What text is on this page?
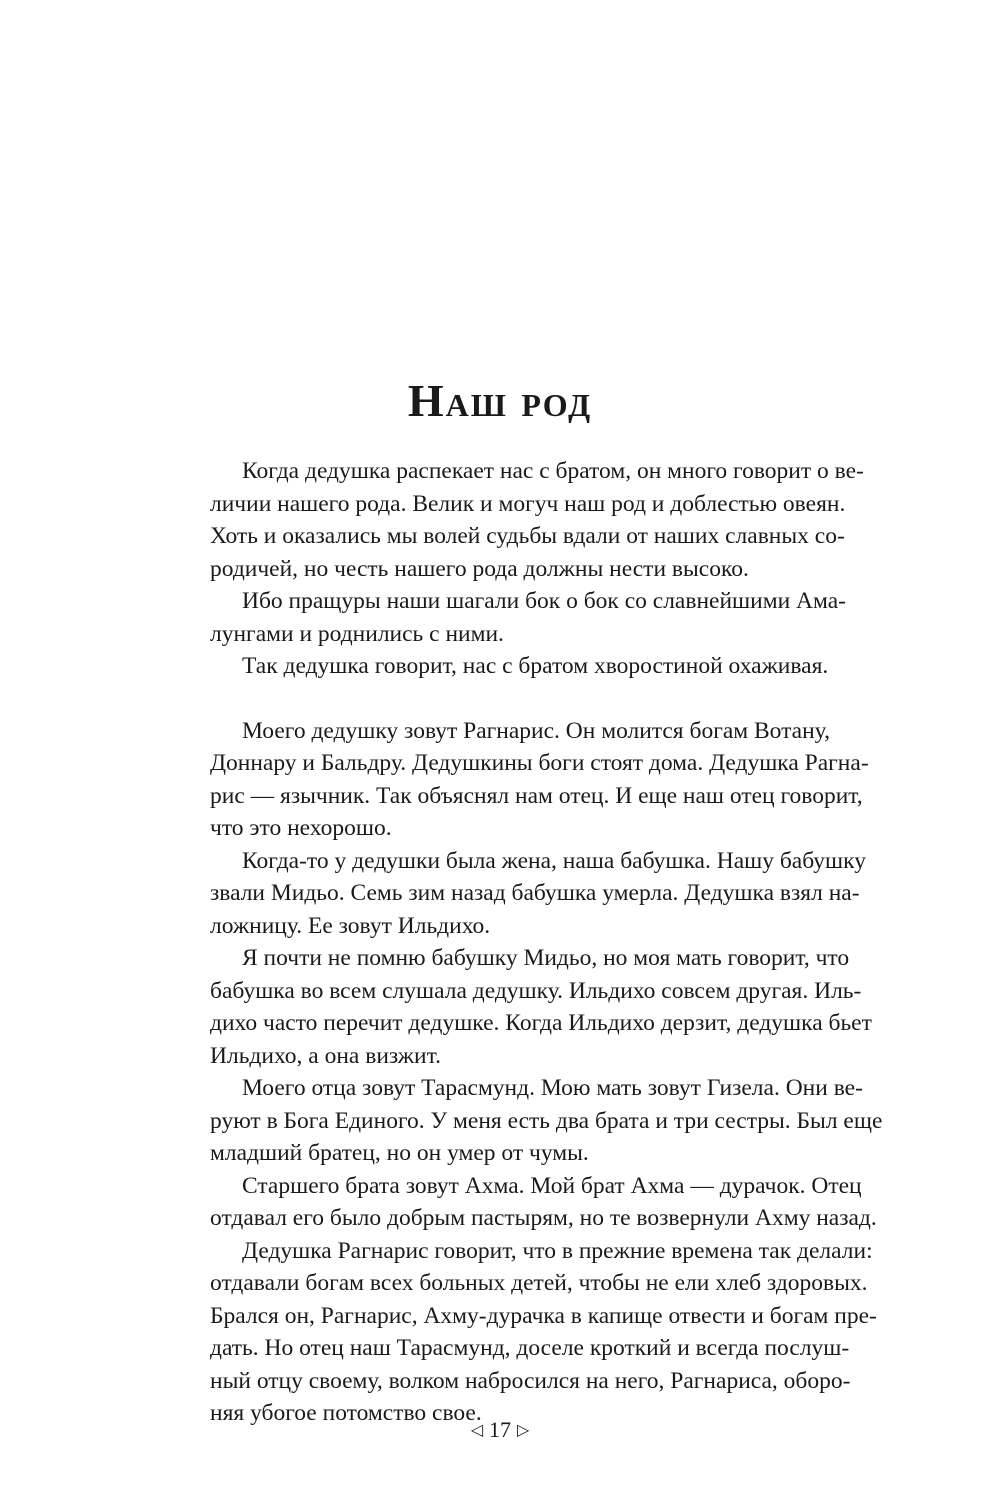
Наш род

Когда дедушка распекает нас с братом, он много говорит о ве-
личии нашего рода. Велик и могуч наш род и доблестью овеян.
Хоть и оказались мы волей судьбы вдали от наших славных со-
родичей, но честь нашего рода должны нести высоко.

Ибо пращуры наши шагали бок о бок со славнейшими Ама-
лунгами и роднились с ними.

Так дедушка говорит, нас с братом хворостиной охаживая.

Моего дедушку зовут Рагнарис. Он молится богам Вотану,
Доннару и Бальдру. Дедушкины боги стоят дома. Дедушка Рагна-
рис — язычник. Так объяснял нам отец. И еще наш отец говорит,
что это нехорошо.

Когда-то у дедушки была жена, наша бабушка. Нашу бабушку
звали Мидьо. Семь зим назад бабушка умерла. Дедушка взял на-
ложницу. Ее зовут Ильдихо.

Я почти не помню бабушку Мидьо, но моя мать говорит, что
бабушка во всем слушала дедушку. Ильдихо совсем другая. Иль-
дихо часто перечит дедушке. Когда Ильдихо дерзит, дедушка бьет
Ильдихо, а она визжит.

Моего отца зовут Тарасмунд. Мою мать зовут Гизела. Они ве-
руют в Бога Единого. У меня есть два брата и три сестры. Был еще
младший братец, но он умер от чумы.

Старшего брата зовут Ахма. Мой брат Ахма — дурачок. Отец
отдавал его было добрым пастырям, но те возвернули Ахму назад.

Дедушка Рагнарис говорит, что в прежние времена так делали:
отдавали богам всех больных детей, чтобы не ели хлеб здоровых.
Брался он, Рагнарис, Ахму-дурачка в капище отвести и богам пре-
дать. Но отец наш Тарасмунд, доселе кроткий и всегда послуш-
ный отцу своему, волком набросился на него, Рагнариса, оборо-
няя убогое потомство свое.

◁ 17 ▷
